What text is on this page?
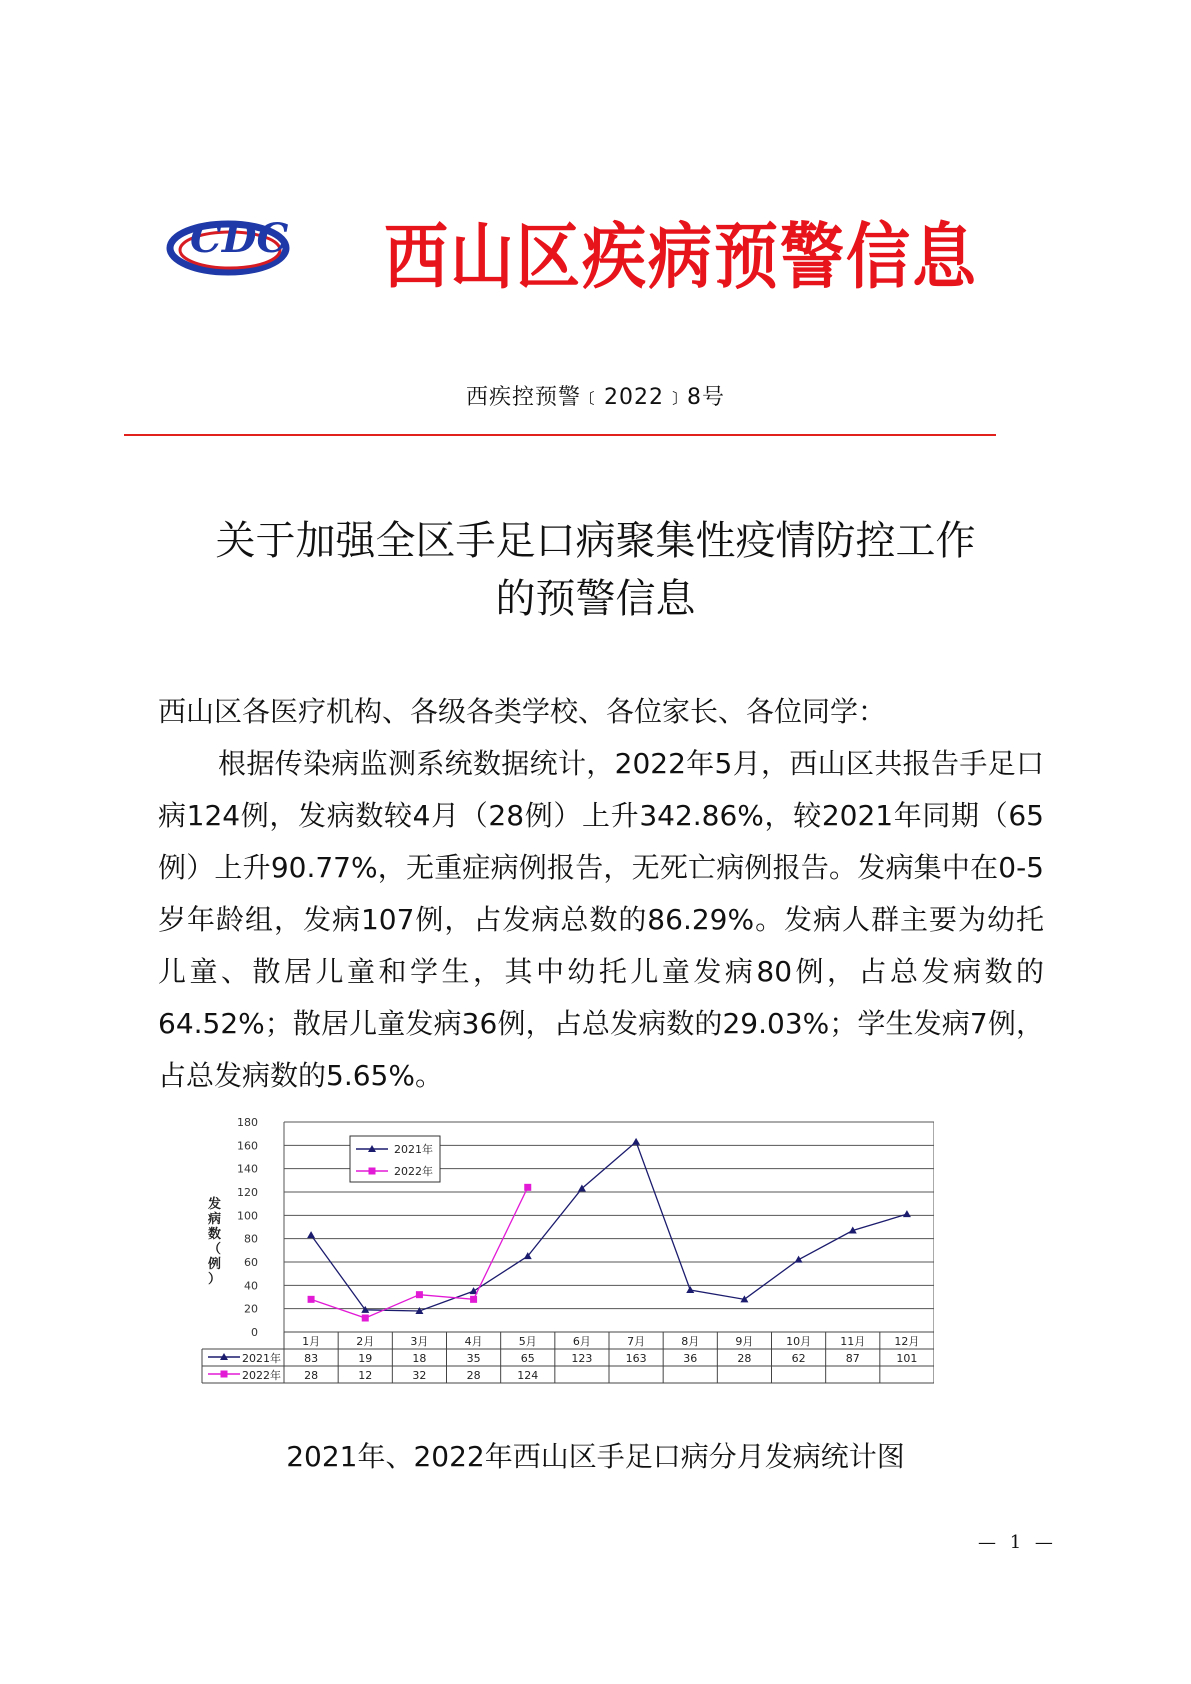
CDC 西山区疾病预警信息
西疾控预警﹝2022﹞8号
关于加强全区手足口病聚集性疫情防控工作
的预警信息

西山区各医疗机构、各级各类学校、各位家长、各位同学：

根据传染病监测系统数据统计，2022年5月，西山区共报告手足口病124例，发病数较4月（28例）上升342.86%，较2021年同期（65例）上升90.77%，无重症病例报告，无死亡病例报告。发病集中在0-5岁年龄组，发病107例，占发病总数的86.29%。发病人群主要为幼托儿童、散居儿童和学生，其中幼托儿童发病80例，占总发病数的64.52%；散居儿童发病36例，占总发病数的29.03%；学生发病7例，占总发病数的5.65%。

0
20
40
60
80
100
120
140
160
180
发病数（例）
1月	2月	3月	4月	5月	6月	7月	8月	9月	10月	11月	12月
2021年 83	19	18	35	65	123	163	36	28	62	87	101
2022年 28	12	32	28	124
2021年
2022年
2021年、2022年西山区手足口病分月发病统计图
— 1 —
